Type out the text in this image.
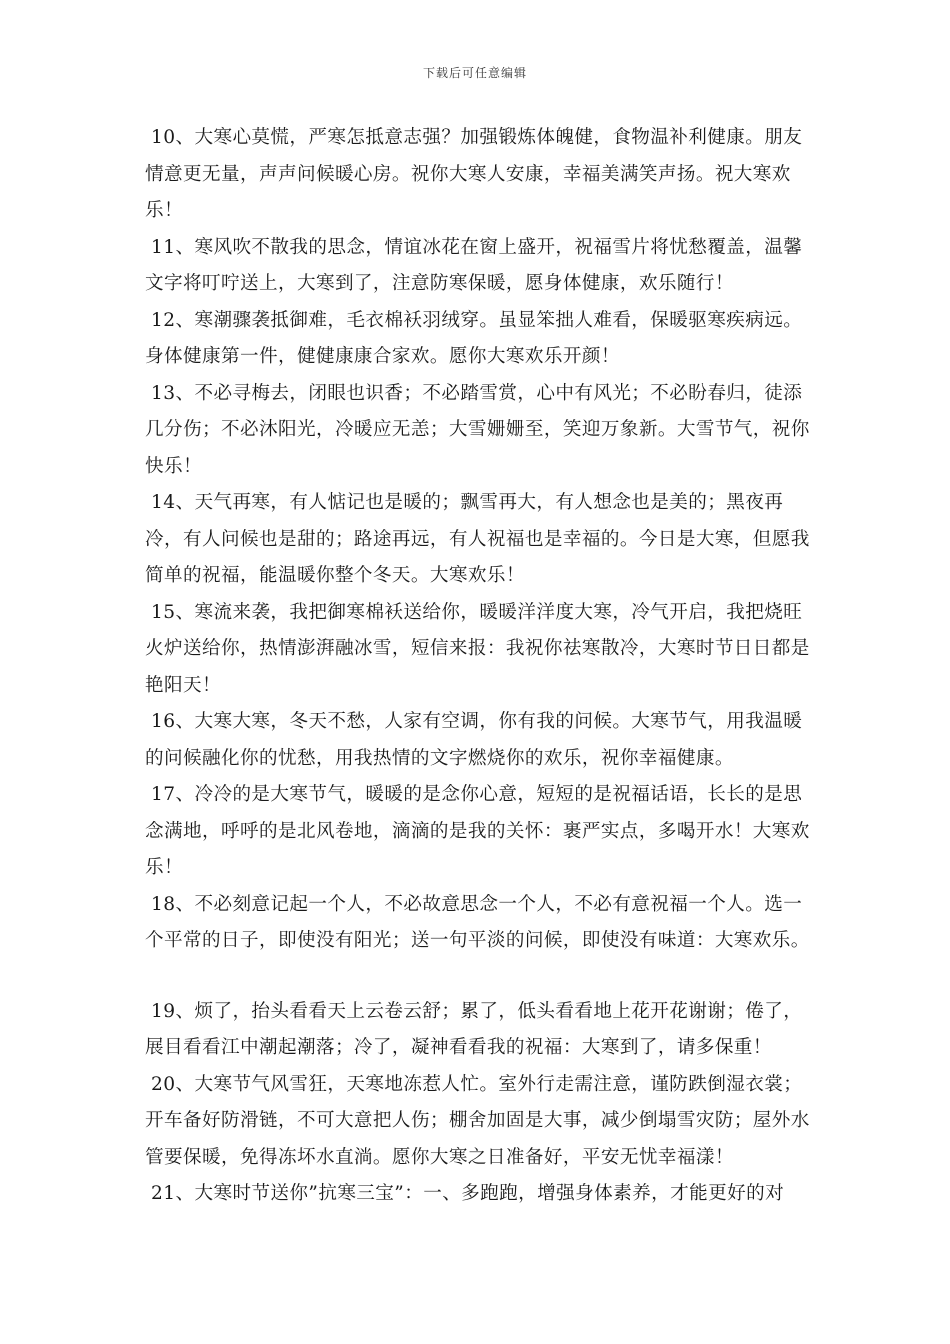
下载后可任意编辑

10、大寒心莫慌，严寒怎抵意志强？加强锻炼体魄健，食物温补利健康。朋友情意更无量，声声问候暖心房。祝你大寒人安康，幸福美满笑声扬。祝大寒欢乐！

11、寒风吹不散我的思念，情谊冰花在窗上盛开，祝福雪片将忧愁覆盖，温馨文字将叮咛送上，大寒到了，注意防寒保暖，愿身体健康，欢乐随行！

12、寒潮骤袭抵御难，毛衣棉袄羽绒穿。虽显笨拙人难看，保暖驱寒疾病远。身体健康第一件，健健康康合家欢。愿你大寒欢乐开颜！

13、不必寻梅去，闭眼也识香；不必踏雪赏，心中有风光；不必盼春归，徒添几分伤；不必沐阳光，冷暖应无恙；大雪姗姗至，笑迎万象新。大雪节气，祝你快乐！

14、天气再寒，有人惦记也是暖的；飘雪再大，有人想念也是美的；黑夜再冷，有人问候也是甜的；路途再远，有人祝福也是幸福的。今日是大寒，但愿我简单的祝福，能温暖你整个冬天。大寒欢乐！

15、寒流来袭，我把御寒棉袄送给你，暖暖洋洋度大寒，冷气开启，我把烧旺火炉送给你，热情澎湃融冰雪，短信来报：我祝你祛寒散冷，大寒时节日日都是艳阳天！

16、大寒大寒，冬天不愁，人家有空调，你有我的问候。大寒节气，用我温暖的问候融化你的忧愁，用我热情的文字燃烧你的欢乐，祝你幸福健康。

17、冷冷的是大寒节气，暖暖的是念你心意，短短的是祝福话语，长长的是思念满地，呼呼的是北风卷地，滴滴的是我的关怀：裹严实点，多喝开水！大寒欢乐！

18、不必刻意记起一个人，不必故意思念一个人，不必有意祝福一个人。选一个平常的日子，即使没有阳光；送一句平淡的问候，即使没有味道：大寒欢乐。

19、烦了，抬头看看天上云卷云舒；累了，低头看看地上花开花谢谢；倦了，展目看看江中潮起潮落；冷了，凝神看看我的祝福：大寒到了，请多保重！

20、大寒节气风雪狂，天寒地冻惹人忙。室外行走需注意，谨防跌倒湿衣裳；开车备好防滑链，不可大意把人伤；棚舍加固是大事，减少倒塌雪灾防；屋外水管要保暖，免得冻坏水直淌。愿你大寒之日准备好，平安无忧幸福漾！

21、大寒时节送你”抗寒三宝”：一、多跑跑，增强身体素养，才能更好的对
